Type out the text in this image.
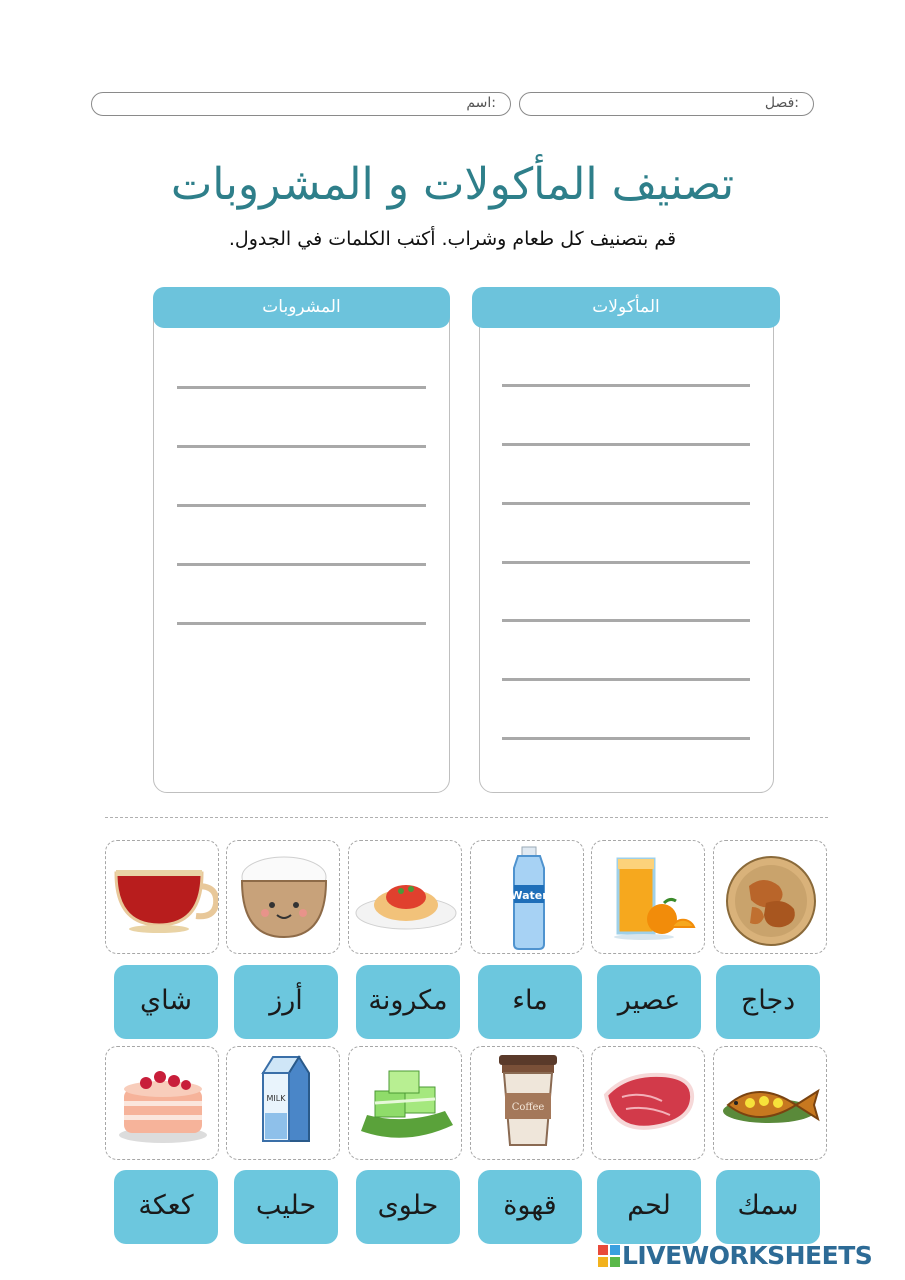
اسم:	فصل:
تصنيف المأكولات و المشروبات
قم بتصنيف كل طعام وشراب. أكتب الكلمات في الجدول.
المشروبات	المأكولات
Water
دجاج
عصير
ماء
مكرونة
أرز
شاي
Coffee
MILK
سمك
لحم
قهوة
حلوى
حليب
كعكة
LIVEWORKSHEETS
